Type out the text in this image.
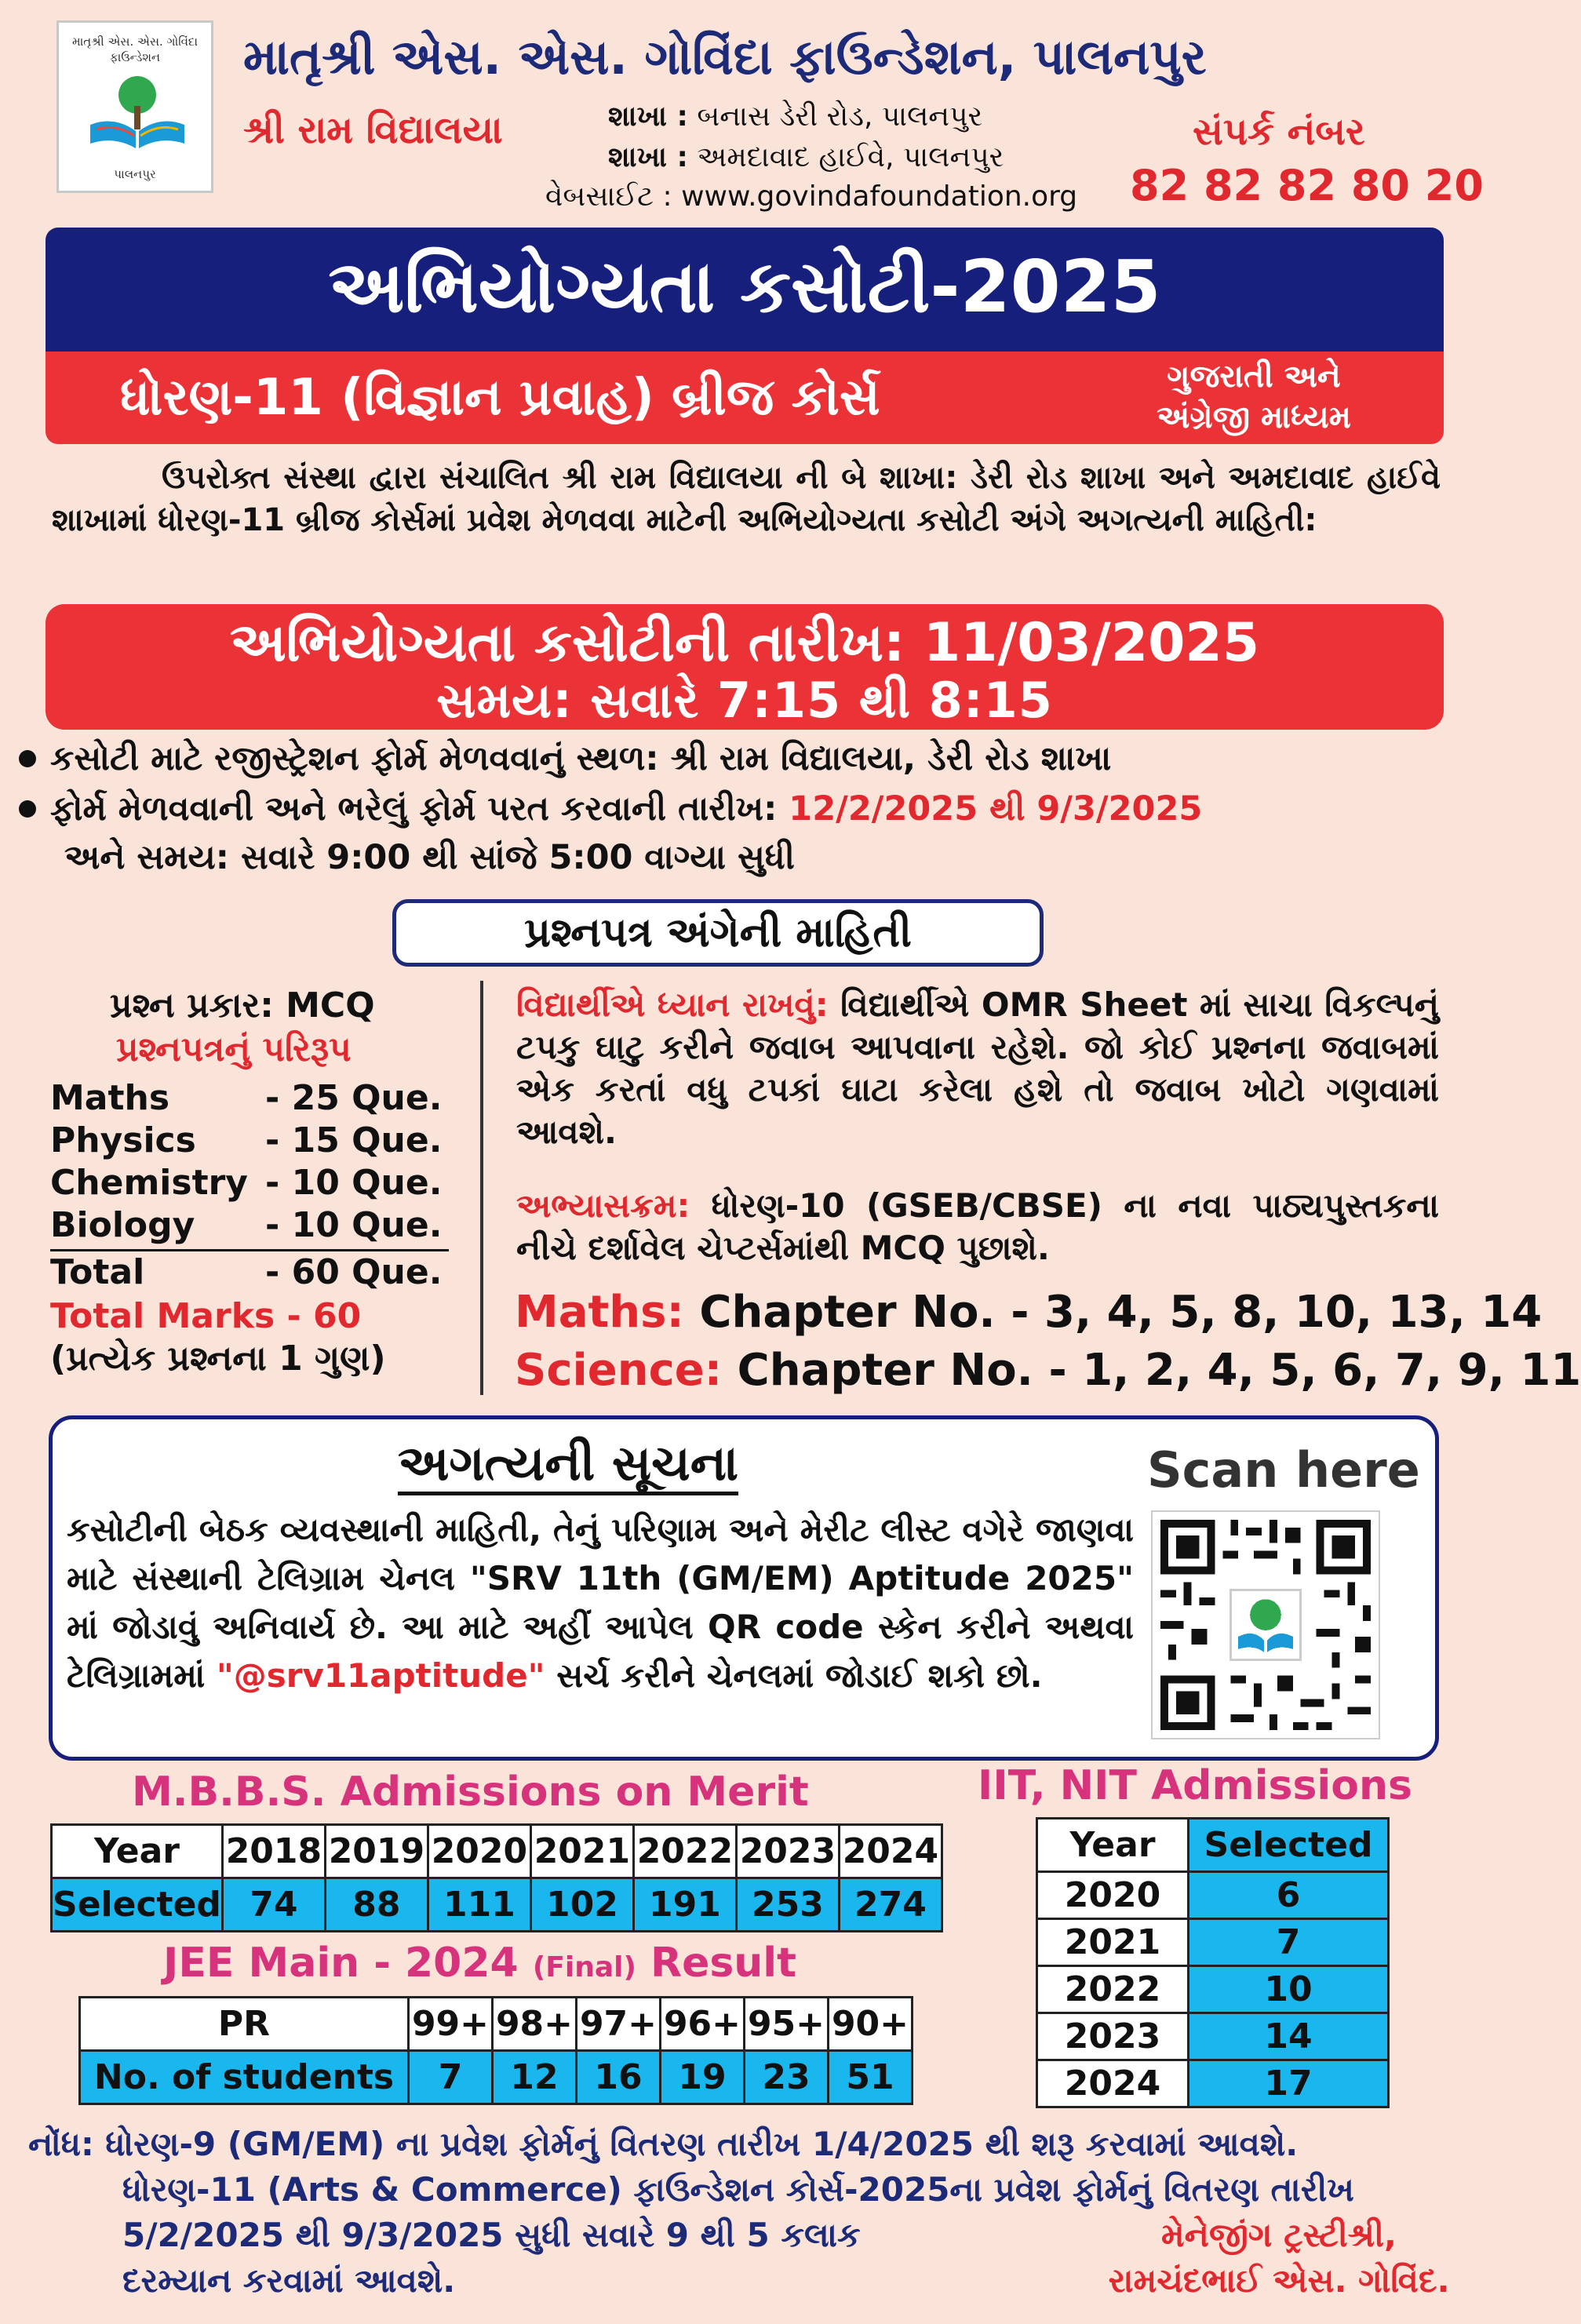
માતૃશ્રી એસ. એસ. ગોવિંદા ફાઉન્ડેશન
પાલનપુર
માતૃશ્રી એસ. એસ. ગોવિંદા ફાઉન્ડેશન, પાલનપુર
શ્રી રામ વિદ્યાલયા	શાખા : બનાસ ડેરી રોડ, પાલનપુર
શાખા : અમદાવાદ હાઈવે, પાલનપુર
વેબસાઈટ : www.govindafoundation.org
સંપર્ક નંબર
82 82 82 80 20
અભિયોગ્યતા કસોટી-2025
ધોરણ-11 (વિજ્ઞાન પ્રવાહ) બ્રીજ કોર્સ	ગુજરાતી અને
અંગ્રેજી માધ્યમ
ઉપરોક્ત સંસ્થા દ્વારા સંચાલિત શ્રી રામ વિદ્યાલયા ની બે શાખા: ડેરી રોડ શાખા અને અમદાવાદ હાઈવે શાખામાં ધોરણ-11 બ્રીજ કોર્સમાં પ્રવેશ મેળવવા માટેની અભિયોગ્યતા કસોટી અંગે અગત્યની માહિતી:
અભિયોગ્યતા કસોટીની તારીખ: 11/03/2025
સમય: સવારે 7:15 થી 8:15
કસોટી માટે રજીસ્ટ્રેશન ફોર્મ મેળવવાનું સ્થળ: શ્રી રામ વિદ્યાલયા, ડેરી રોડ શાખા
ફોર્મ મેળવવાની અને ભરેલું ફોર્મ પરત કરવાની તારીખ: 12/2/2025 થી 9/3/2025
અને સમય: સવારે 9:00 થી સાંજે 5:00 વાગ્યા સુધી
પ્રશ્નપત્ર અંગેની માહિતી
પ્રશ્ન પ્રકાર: MCQ
પ્રશ્નપત્રનું પરિરૂપ
Maths	- 25 Que.
Physics - 15 Que.
Chemistry - 10 Que.
Biology - 10 Que.
Total	- 60 Que.
Total Marks - 60
(પ્રત્યેક પ્રશ્નના 1 ગુણ)
વિદ્યાર્થીએ ધ્યાન રાખવું: વિદ્યાર્થીએ OMR Sheet માં સાચા વિકલ્પનું ટપકુ ઘાટુ કરીને જવાબ આપવાના રહેશે. જો કોઈ પ્રશ્નના જવાબમાં એક કરતાં વધુ ટપકાં ઘાટા કરેલા હશે તો જવાબ ખોટો ગણવામાં આવશે.
અભ્યાસક્રમ: ધોરણ-10 (GSEB/CBSE) ના નવા પાઠ્યપુસ્તકના નીચે દર્શાવેલ ચેપ્ટર્સમાંથી MCQ પુછાશે.
Maths: Chapter No. - 3, 4, 5, 8, 10, 13, 14
Science: Chapter No. - 1, 2, 4, 5, 6, 7, 9, 11
અગત્યની સૂચના	Scan here
કસોટીની બેઠક વ્યવસ્થાની માહિતી, તેનું પરિણામ અને મેરીટ લીસ્ટ વગેરે જાણવા માટે સંસ્થાની ટેલિગ્રામ ચેનલ "SRV 11th (GM/EM) Aptitude 2025" માં જોડાવું અનિવાર્ય છે. આ માટે અહીં આપેલ QR code સ્કેન કરીને અથવા ટેલિગ્રામમાં "@srv11aptitude" સર્ચ કરીને ચેનલમાં જોડાઈ શકો છો.
M.B.B.S. Admissions on Merit
Year	2018	2019	2020	2021	2022	2023	2024
Selected	74	88	111	102	191	253	274
JEE Main - 2024 (Final) Result
PR	99+	98+	97+	96+	95+	90+
No. of students	7	12	16	19	23	51
IIT, NIT Admissions
Year	Selected
2020	6
2021	7
2022	10
2023	14
2024	17
નોંધ: ધોરણ-9 (GM/EM) ના પ્રવેશ ફોર્મનું વિતરણ તારીખ 1/4/2025 થી શરૂ કરવામાં આવશે.
ધોરણ-11 (Arts & Commerce) ફાઉન્ડેશન કોર્સ-2025ના પ્રવેશ ફોર્મનું વિતરણ તારીખ
5/2/2025 થી 9/3/2025 સુધી સવારે 9 થી 5 કલાક
દરમ્યાન કરવામાં આવશે.
મેનેજીંગ ટ્રસ્ટીશ્રી,
રામચંદભાઈ એસ. ગોવિંદ.
